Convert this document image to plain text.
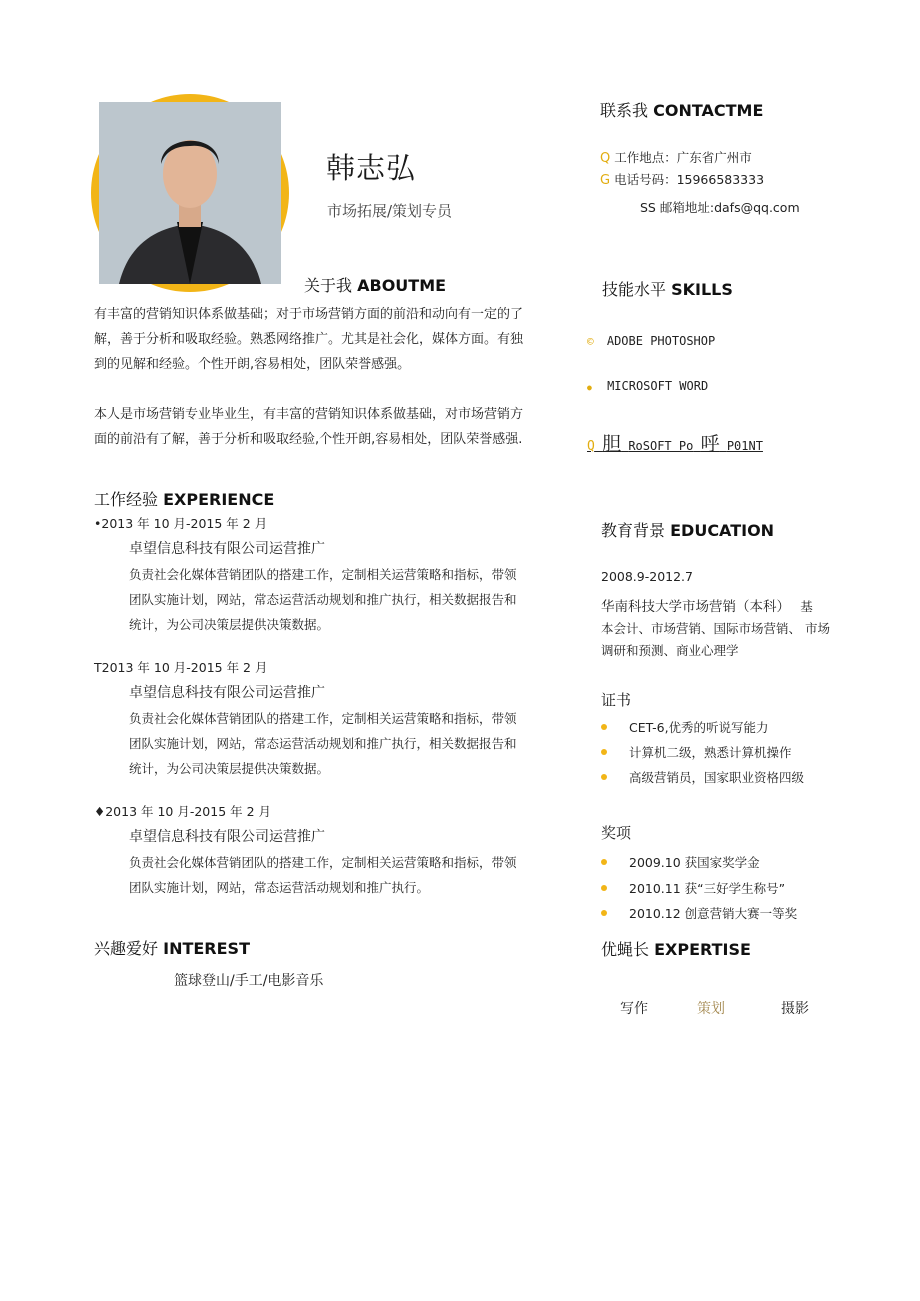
韩志弘
市场拓展/策划专员
关于我 ABOUTME
有丰富的营销知识体系做基础；对于市场营销方面的前沿和动向有一定的了解，善于分析和吸取经验。熟悉网络推广。尤其是社会化，媒体方面。有独到的见解和经验。个性开朗,容易相处，团队荣誉感强。
本人是市场营销专业毕业生，有丰富的营销知识体系做基础，对市场营销方面的前沿有了解，善于分析和吸取经验,个性开朗,容易相处，团队荣誉感强.
工作经验 EXPERIENCE
•2013 年 10 月-2015 年 2 月
卓望信息科技有限公司运营推广
负责社会化媒体营销团队的搭建工作，定制相关运营策略和指标，带领
团队实施计划，网站，常态运营活动规划和推广执行，相关数据报告和
统计，为公司决策层提供决策数据。
T2013 年 10 月-2015 年 2 月
卓望信息科技有限公司运营推广
负责社会化媒体营销团队的搭建工作，定制相关运营策略和指标，带领
团队实施计划，网站，常态运营活动规划和推广执行，相关数据报告和
统计，为公司决策层提供决策数据。
♦2013 年 10 月-2015 年 2 月
卓望信息科技有限公司运营推广
负责社会化媒体营销团队的搭建工作，定制相关运营策略和指标，带领
团队实施计划，网站，常态运营活动规划和推广执行。
兴趣爱好 INTEREST
篮球登山/手工/电影音乐
联系我 CONTACTME
Q 工作地点：广东省广州市
G 电话号码：15966583333
SS 邮箱地址:dafs@qq.com
技能水平 SKILLS
© ADOBE PHOTOSHOP
● MICROSOFT WORD
Q 胆 RoSOFT Po 呼 P01NT
教育背景 EDUCATION
2008.9-2012.7
华南科技大学市场营销（本科） 基
本会计、市场营销、国际市场营销、 市场
调研和预测、商业心理学
证书
CET-6,优秀的听说写能力
计算机二级，熟悉计算机操作
高级营销员，国家职业资格四级
奖项
2009.10 获国家奖学金
2010.11 获“三好学生称号”
2010.12 创意营销大赛一等奖
优蝇长 EXPERTISE
写作	策划	摄影
